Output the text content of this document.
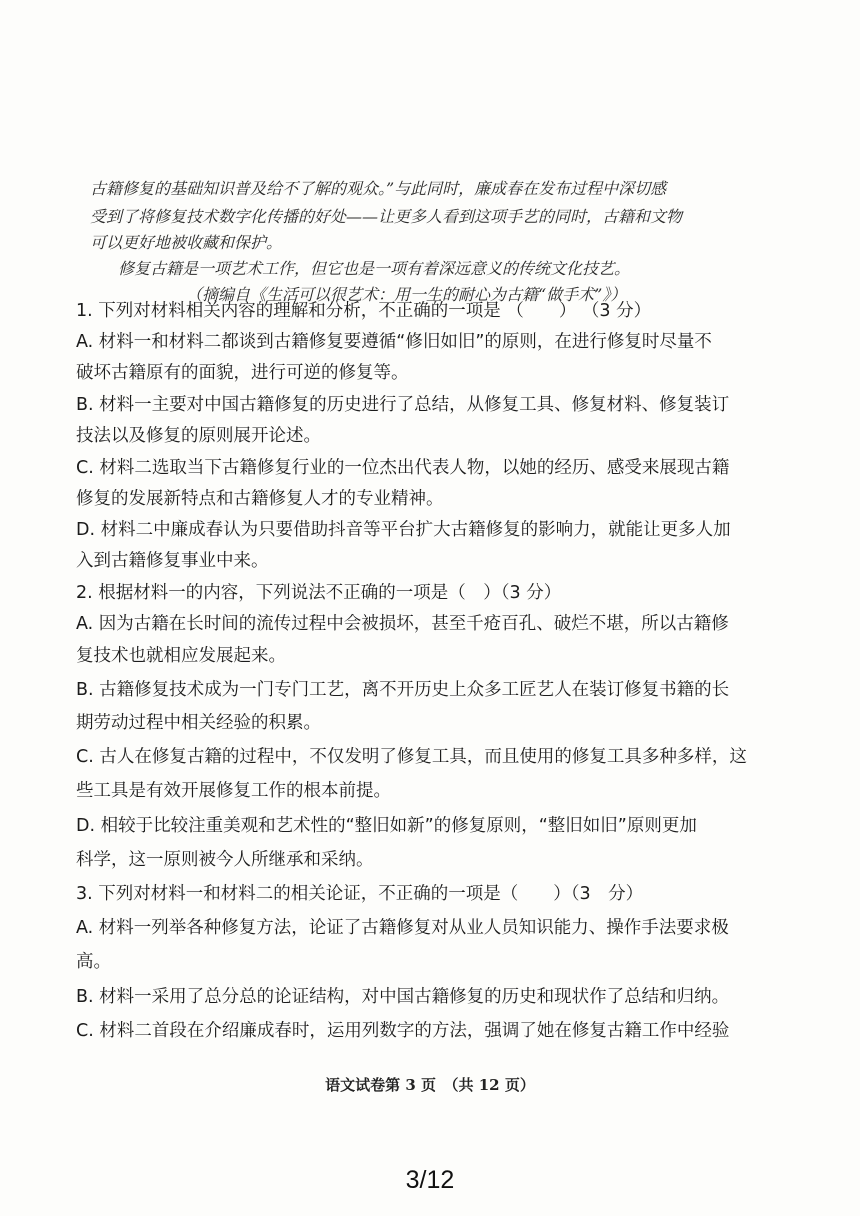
古籍修复的基础知识普及给不了解的观众。”与此同时，廉成春在发布过程中深切感
受到了将修复技术数字化传播的好处——让更多人看到这项手艺的同时，古籍和文物
可以更好地被收藏和保护。
修复古籍是一项艺术工作，但它也是一项有着深远意义的传统文化技艺。
（摘编自《生活可以很艺术：用一生的耐心为古籍“做手术”》）
1. 下列对材料相关内容的理解和分析，不正确的一项是 （　　） （3 分）
A. 材料一和材料二都谈到古籍修复要遵循“修旧如旧”的原则，在进行修复时尽量不
破坏古籍原有的面貌，进行可逆的修复等。
B. 材料一主要对中国古籍修复的历史进行了总结，从修复工具、修复材料、修复装订
技法以及修复的原则展开论述。
C. 材料二选取当下古籍修复行业的一位杰出代表人物，以她的经历、感受来展现古籍
修复的发展新特点和古籍修复人才的专业精神。
D. 材料二中廉成春认为只要借助抖音等平台扩大古籍修复的影响力，就能让更多人加
入到古籍修复事业中来。
2. 根据材料一的内容，下列说法不正确的一项是（　）（3 分）
A. 因为古籍在长时间的流传过程中会被损坏，甚至千疮百孔、破烂不堪，所以古籍修
复技术也就相应发展起来。
B. 古籍修复技术成为一门专门工艺，离不开历史上众多工匠艺人在装订修复书籍的长
期劳动过程中相关经验的积累。
C. 古人在修复古籍的过程中，不仅发明了修复工具，而且使用的修复工具多种多样，这
些工具是有效开展修复工作的根本前提。
D. 相较于比较注重美观和艺术性的“整旧如新”的修复原则，“整旧如旧”原则更加
科学，这一原则被今人所继承和采纳。
3. 下列对材料一和材料二的相关论证，不正确的一项是（　　）（3　分）
A. 材料一列举各种修复方法，论证了古籍修复对从业人员知识能力、操作手法要求极
高。
B. 材料一采用了总分总的论证结构，对中国古籍修复的历史和现状作了总结和归纳。
C. 材料二首段在介绍廉成春时，运用列数字的方法，强调了她在修复古籍工作中经验
语文试卷第 3 页　（共 12 页）
3/12
